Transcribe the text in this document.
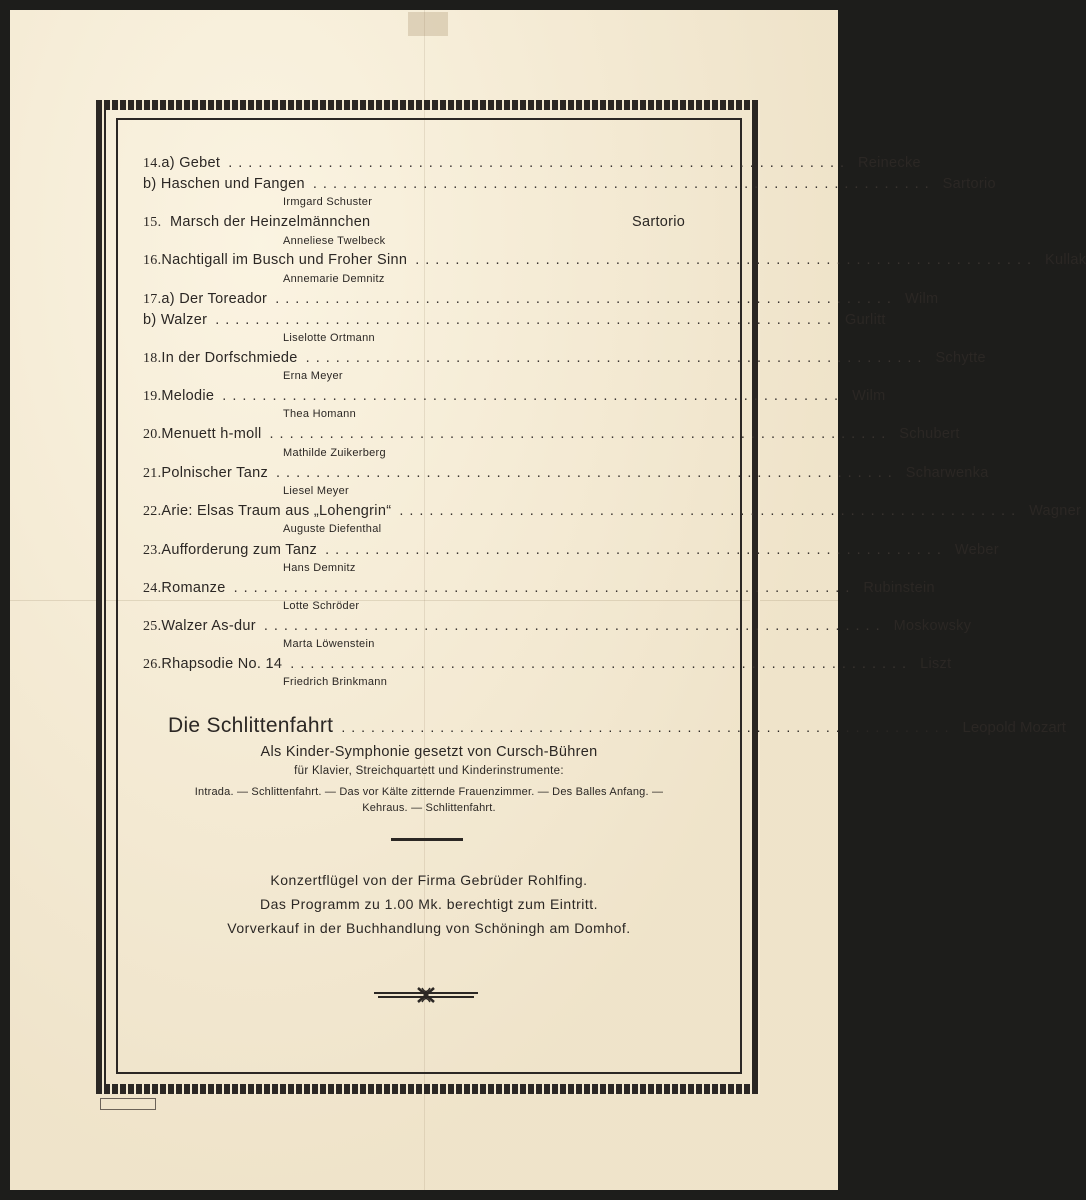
14. a) Gebet .............................................................. Reinecke
b) Haschen und Fangen .............................................................. Sartorio
Irmgard Schuster
15. Marsch der Heinzelmännchen	Sartorio
Anneliese Twelbeck
16. Nachtigall im Busch und Froher Sinn .............................................................. Kullak
Annemarie Demnitz
17. a) Der Toreador .............................................................. Wilm
b) Walzer .............................................................. Gurlitt
Liselotte Ortmann
18. In der Dorfschmiede .............................................................. Schytte
Erna Meyer
19. Melodie .............................................................. Wilm
Thea Homann
20. Menuett h-moll .............................................................. Schubert
Mathilde Zuikerberg
21. Polnischer Tanz .............................................................. Scharwenka
Liesel Meyer
22. Arie: Elsas Traum aus „Lohengrin“ .............................................................. Wagner
Auguste Diefenthal
23. Aufforderung zum Tanz .............................................................. Weber
Hans Demnitz
24. Romanze .............................................................. Rubinstein
Lotte Schröder
25. Walzer As-dur .............................................................. Moskowsky
Marta Löwenstein
26. Rhapsodie No. 14 .............................................................. Liszt
Friedrich Brinkmann
Die Schlittenfahrt .............................................................. Leopold Mozart
Als Kinder-Symphonie gesetzt von Cursch-Bühren
für Klavier, Streichquartett und Kinderinstrumente:
Intrada. — Schlittenfahrt. — Das vor Kälte zitternde Frauenzimmer. — Des Balles Anfang. —
Kehraus. — Schlittenfahrt.
Konzertflügel von der Firma Gebrüder Rohlfing.
Das Programm zu 1.00 Mk. berechtigt zum Eintritt.
Vorverkauf in der Buchhandlung von Schöningh am Domhof.
